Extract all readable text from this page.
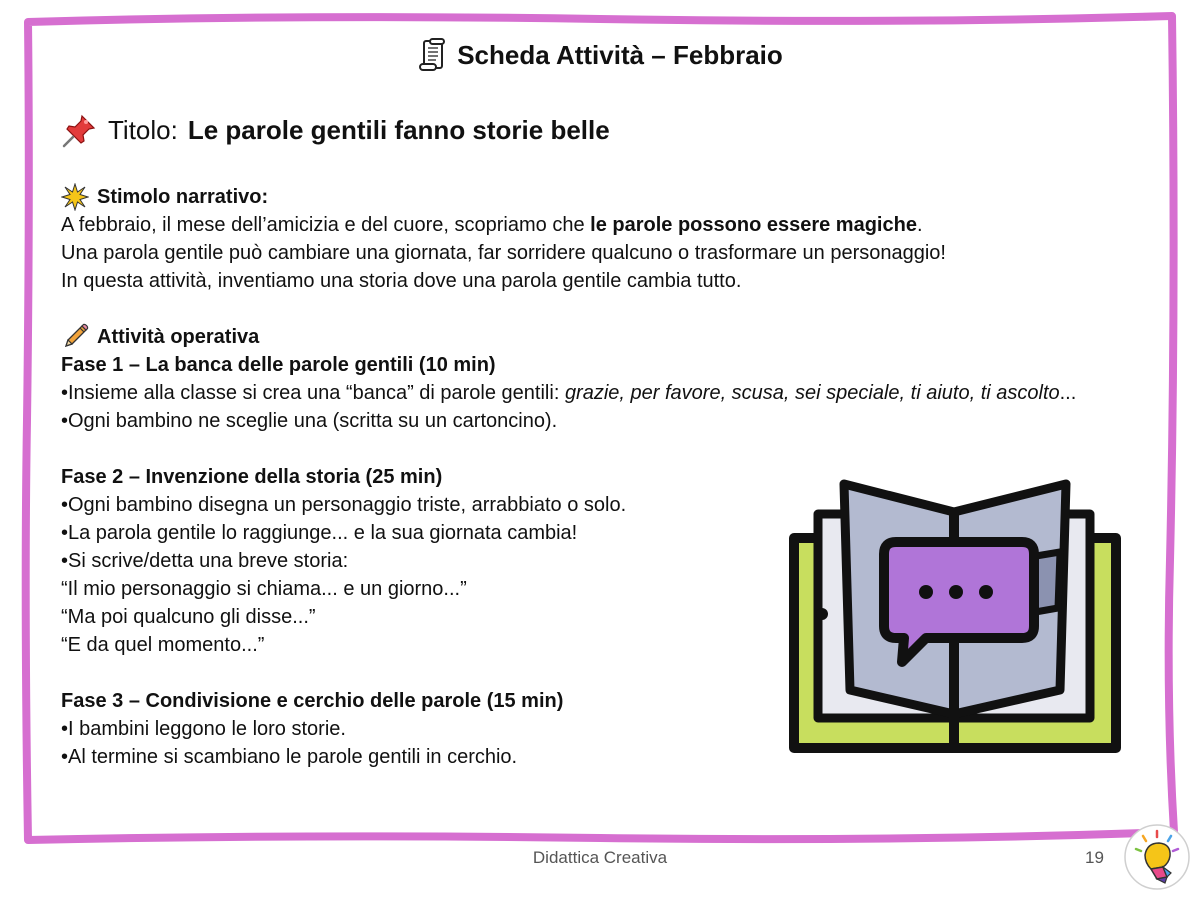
Scheda Attività – Febbraio
Titolo: Le parole gentili fanno storie belle
Stimolo narrativo:
A febbraio, il mese dell’amicizia e del cuore, scopriamo che le parole possono essere magiche.
Una parola gentile può cambiare una giornata, far sorridere qualcuno o trasformare un personaggio!
In questa attività, inventiamo una storia dove una parola gentile cambia tutto.
Attività operativa
Fase 1 – La banca delle parole gentili (10 min)
•Insieme alla classe si crea una “banca” di parole gentili: grazie, per favore, scusa, sei speciale, ti aiuto, ti ascolto...
•Ogni bambino ne sceglie una (scritta su un cartoncino).
Fase 2 – Invenzione della storia (25 min)
•Ogni bambino disegna un personaggio triste, arrabbiato o solo.
•La parola gentile lo raggiunge... e la sua giornata cambia!
•Si scrive/detta una breve storia:
“Il mio personaggio si chiama... e un giorno...”
“Ma poi qualcuno gli disse...”
“E da quel momento...”
Fase 3 – Condivisione e cerchio delle parole (15 min)
•I bambini leggono le loro storie.
•Al termine si scambiano le parole gentili in cerchio.
Didattica Creativa	19
